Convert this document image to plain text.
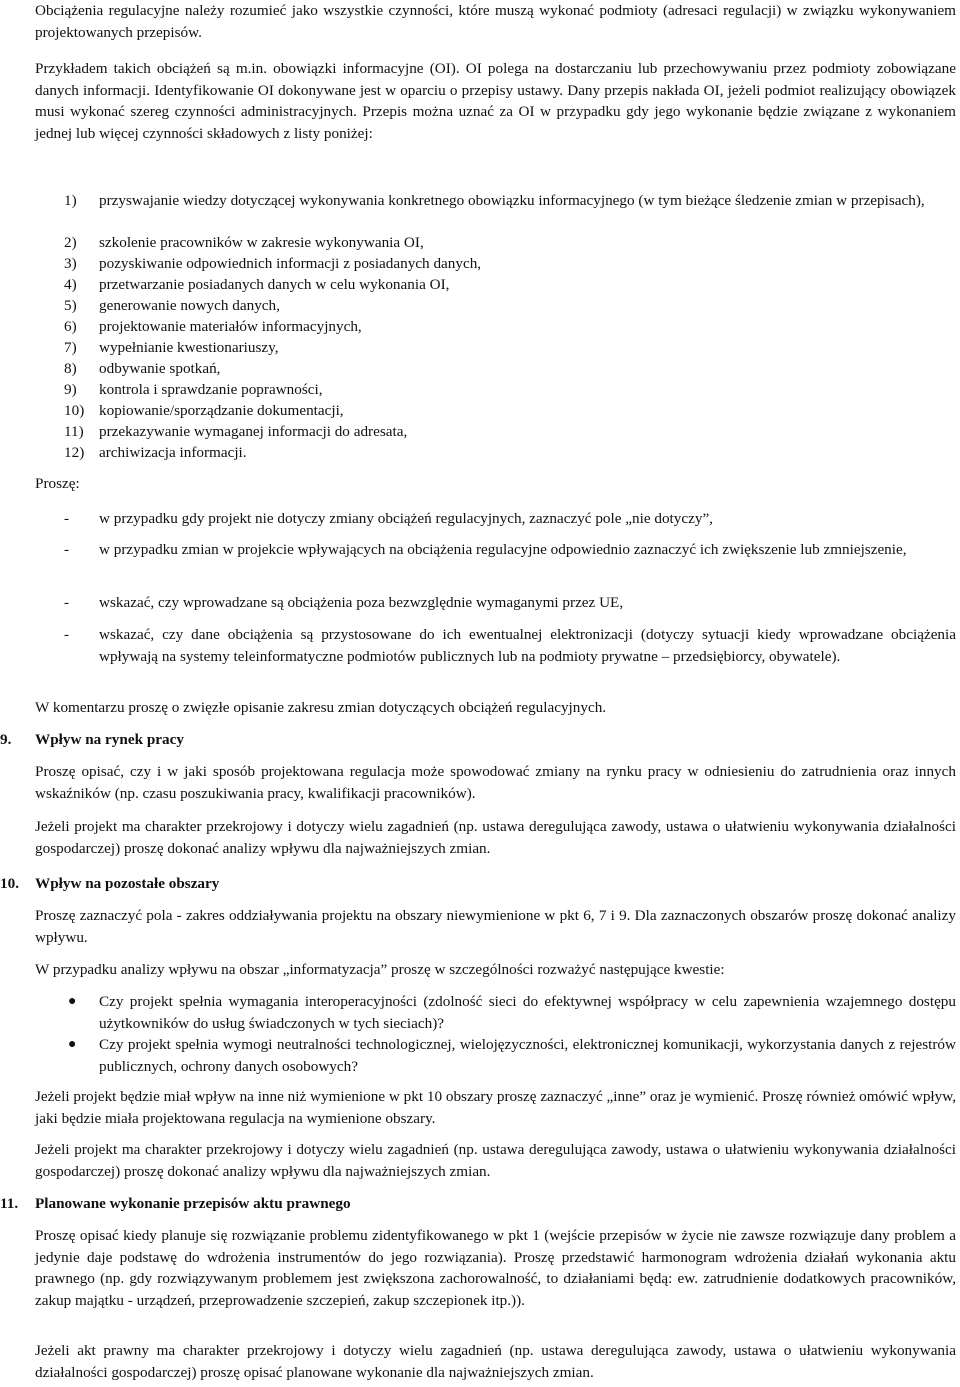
Obciążenia regulacyjne należy rozumieć jako wszystkie czynności, które muszą wykonać podmioty (adresaci regulacji) w związku wykonywaniem projektowanych przepisów.

Przykładem takich obciążeń są m.in. obowiązki informacyjne (OI). OI polega na dostarczaniu lub przechowywaniu przez podmioty zobowiązane danych informacji. Identyfikowanie OI dokonywane jest w oparciu o przepisy ustawy. Dany przepis nakłada OI, jeżeli podmiot realizujący obowiązek musi wykonać szereg czynności administracyjnych. Przepis można uznać za OI w przypadku gdy jego wykonanie będzie związane z wykonaniem jednej lub więcej czynności składowych z listy poniżej:

1) przyswajanie wiedzy dotyczącej wykonywania konkretnego obowiązku informacyjnego (w tym bieżące śledzenie zmian w przepisach),
2) szkolenie pracowników w zakresie wykonywania OI,
3) pozyskiwanie odpowiednich informacji z posiadanych danych,
4) przetwarzanie posiadanych danych w celu wykonania OI,
5) generowanie nowych danych,
6) projektowanie materiałów informacyjnych,
7) wypełnianie kwestionariuszy,
8) odbywanie spotkań,
9) kontrola i sprawdzanie poprawności,
10) kopiowanie/sporządzanie dokumentacji,
11) przekazywanie wymaganej informacji do adresata,
12) archiwizacja informacji.

Proszę:

- w przypadku gdy projekt nie dotyczy zmiany obciążeń regulacyjnych, zaznaczyć pole „nie dotyczy”,
- w przypadku zmian w projekcie wpływających na obciążenia regulacyjne odpowiednio zaznaczyć ich zwiększenie lub zmniejszenie,
- wskazać, czy wprowadzane są obciążenia poza bezwzględnie wymaganymi przez UE,
- wskazać, czy dane obciążenia są przystosowane do ich ewentualnej elektronizacji (dotyczy sytuacji kiedy wprowadzane obciążenia wpływają na systemy teleinformatyczne podmiotów publicznych lub na podmioty prywatne – przedsiębiorcy, obywatele).

W komentarzu proszę o zwięzłe opisanie zakresu zmian dotyczących obciążeń regulacyjnych.

9. Wpływ na rynek pracy

Proszę opisać, czy i w jaki sposób projektowana regulacja może spowodować zmiany na rynku pracy w odniesieniu do zatrudnienia oraz innych wskaźników (np. czasu poszukiwania pracy, kwalifikacji pracowników).

Jeżeli projekt ma charakter przekrojowy i dotyczy wielu zagadnień (np. ustawa deregulująca zawody, ustawa o ułatwieniu wykonywania działalności gospodarczej) proszę dokonać analizy wpływu dla najważniejszych zmian.

10. Wpływ na pozostałe obszary

Proszę zaznaczyć pola - zakres oddziaływania projektu na obszary niewymienione w pkt 6, 7 i 9. Dla zaznaczonych obszarów proszę dokonać analizy wpływu.

W przypadku analizy wpływu na obszar „informatyzacja” proszę w szczególności rozważyć następujące kwestie:

● Czy projekt spełnia wymagania interoperacyjności (zdolność sieci do efektywnej współpracy w celu zapewnienia wzajemnego dostępu użytkowników do usług świadczonych w tych sieciach)?
● Czy projekt spełnia wymogi neutralności technologicznej, wielojęzyczności, elektronicznej komunikacji, wykorzystania danych z rejestrów publicznych, ochrony danych osobowych?

Jeżeli projekt będzie miał wpływ na inne niż wymienione w pkt 10 obszary proszę zaznaczyć „inne” oraz je wymienić. Proszę również omówić wpływ, jaki będzie miała projektowana regulacja na wymienione obszary.

Jeżeli projekt ma charakter przekrojowy i dotyczy wielu zagadnień (np. ustawa deregulująca zawody, ustawa o ułatwieniu wykonywania działalności gospodarczej) proszę dokonać analizy wpływu dla najważniejszych zmian.

11. Planowane wykonanie przepisów aktu prawnego

Proszę opisać kiedy planuje się rozwiązanie problemu zidentyfikowanego w pkt 1 (wejście przepisów w życie nie zawsze rozwiązuje dany problem a jedynie daje podstawę do wdrożenia instrumentów do jego rozwiązania). Proszę przedstawić harmonogram wdrożenia działań wykonania aktu prawnego (np. gdy rozwiązywanym problemem jest zwiększona zachorowalność, to działaniami będą: ew. zatrudnienie dodatkowych pracowników, zakup majątku - urządzeń, przeprowadzenie szczepień, zakup szczepionek itp.)).

Jeżeli akt prawny ma charakter przekrojowy i dotyczy wielu zagadnień (np. ustawa deregulująca zawody, ustawa o ułatwieniu wykonywania działalności gospodarczej) proszę opisać planowane wykonanie dla najważniejszych zmian.
